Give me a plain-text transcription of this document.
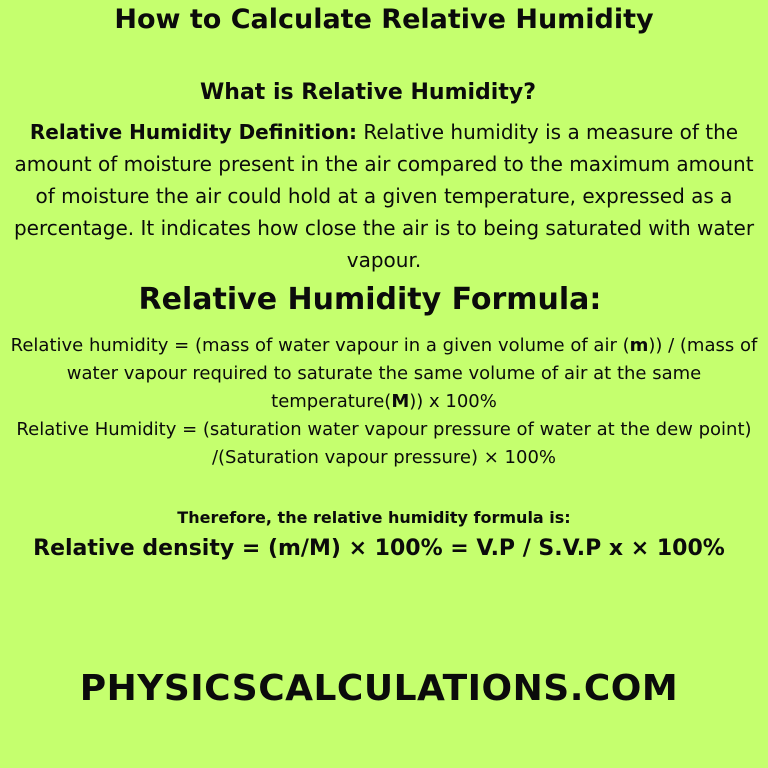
How to Calculate Relative Humidity
What is Relative Humidity?

Relative Humidity Definition: Relative humidity is a measure of the amount of moisture present in the air compared to the maximum amount of moisture the air could hold at a given temperature, expressed as a percentage. It indicates how close the air is to being saturated with water vapour.

Relative Humidity Formula:
Relative humidity = (mass of water vapour in a given volume of air (m)) / (mass of water vapour required to saturate the same volume of air at the same temperature(M)) x 100%
Relative Humidity = (saturation water vapour pressure of water at the dew point) /(Saturation vapour pressure) × 100%

Therefore, the relative humidity formula is:

Relative density = (m/M) × 100% = V.P / S.V.P x × 100%

PHYSICSCALCULATIONS.COM
